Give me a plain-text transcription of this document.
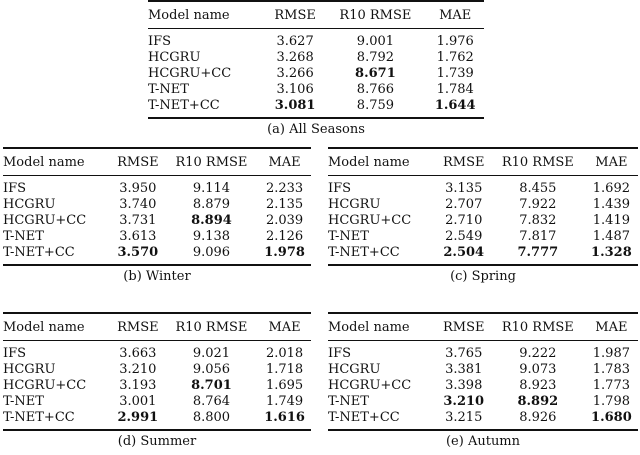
Model name	RMSE	R10 RMSE	MAE
IFS	3.627	9.001	1.976
HCGRU	3.268	8.792	1.762
HCGRU+CC	3.266	8.671	1.739
T-NET	3.106	8.766	1.784
T-NET+CC	3.081	8.759	1.644
(a) All Seasons
Model name	RMSE	R10 RMSE	MAE
IFS	3.950	9.114	2.233
HCGRU	3.740	8.879	2.135
HCGRU+CC	3.731	8.894	2.039
T-NET	3.613	9.138	2.126
T-NET+CC	3.570	9.096	1.978
(b) Winter
Model name	RMSE	R10 RMSE	MAE
IFS	3.135	8.455	1.692
HCGRU	2.707	7.922	1.439
HCGRU+CC	2.710	7.832	1.419
T-NET	2.549	7.817	1.487
T-NET+CC	2.504	7.777	1.328
(c) Spring
Model name	RMSE	R10 RMSE	MAE
IFS	3.663	9.021	2.018
HCGRU	3.210	9.056	1.718
HCGRU+CC	3.193	8.701	1.695
T-NET	3.001	8.764	1.749
T-NET+CC	2.991	8.800	1.616
(d) Summer
Model name	RMSE	R10 RMSE	MAE
IFS	3.765	9.222	1.987
HCGRU	3.381	9.073	1.783
HCGRU+CC	3.398	8.923	1.773
T-NET	3.210	8.892	1.798
T-NET+CC	3.215	8.926	1.680
(e) Autumn
